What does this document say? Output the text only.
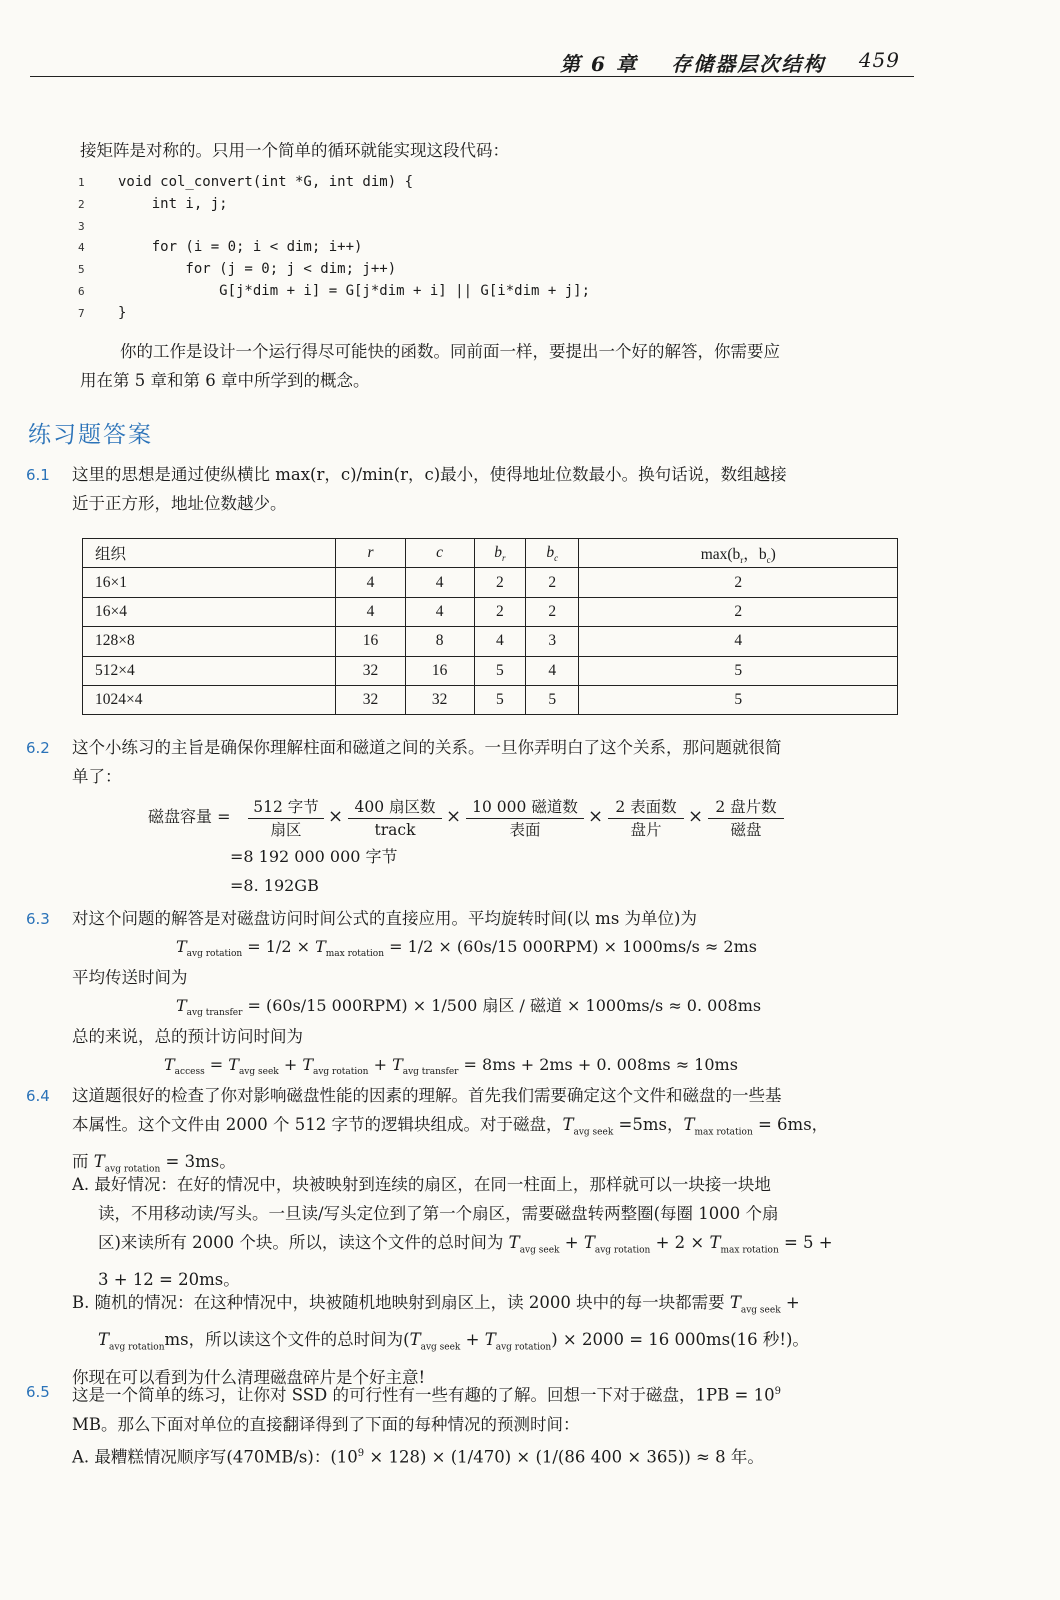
第 6 章 存储器层次结构 459
接矩阵是对称的。只用一个简单的循环就能实现这段代码：
1	void col_convert(int *G, int dim) {
2	int i, j;
3
4	for (i = 0; i < dim; i++)
5	for (j = 0; j < dim; j++)
6	G[j*dim + i] = G[j*dim + i] || G[i*dim + j];
7	}
你的工作是设计一个运行得尽可能快的函数。同前面一样，要提出一个好的解答，你需要应
用在第 5 章和第 6 章中所学到的概念。
练习题答案
6.1 这里的思想是通过使纵横比 max(r，c)/min(r，c)最小，使得地址位数最小。换句话说，数组越接
近于正方形，地址位数越少。
组织	r	c	$b_r$	$b_c$	$\max(b_r$，$b_c$)
16×1	4	4	2	2	2
16×4	4	4	2	2	2
128×8	16	8	4	3	4
512×4	32	16	5	4	5
1024×4	32	32	5	5	5
6.2 这个小练习的主旨是确保你理解柱面和磁道之间的关系。一旦你弄明白了这个关系，那问题就很简
单了：
磁盘容量 =	512 字节
扇区
× 400 扇区数
track
× 10 000 磁道数
表面
× 2 表面数
盘片
× 2 盘片数
磁盘
=8 192 000 000 字节
=8. 192GB
6.3 对这个问题的解答是对磁盘访问时间公式的直接应用。平均旋转时间(以 ms 为单位)为
$T_{avg rotation} = 1/2 \times T_{max rotation} = 1/2 \times (60s/15$ 000RPM) × 1000ms/s ≈ 2ms
平均传送时间为
$T_{avg transfer} = (60s/15$ 000RPM) × 1/500 扇区 / 磁道 × 1000ms/s ≈ 0. 008ms
总的来说，总的预计访问时间为
$T_{access} = T_{avg seek} + T_{avg rotation} + T_{avg transfer} = 8ms + 2ms + 0$. 008ms ≈ 10ms
6.4 这道题很好的检查了你对影响磁盘性能的因素的理解。首先我们需要确定这个文件和磁盘的一些基
本属性。这个文件由 2000 个 512 字节的逻辑块组成。对于磁盘，$T_{avg seek} =5ms$，$T_{max rotation} = 6ms$，
而 $T_{avg rotation} = 3ms$。
A. 最好情况：在好的情况中，块被映射到连续的扇区，在同一柱面上，那样就可以一块接一块地
读，不用移动读/写头。一旦读/写头定位到了第一个扇区，需要磁盘转两整圈(每圈 1000 个扇
区)来读所有 2000 个块。所以，读这个文件的总时间为 $T_{avg seek} + T_{avg rotation} + 2 \times T_{max rotation} = 5$ +
3 + 12 = 20ms。
B. 随机的情况：在这种情况中，块被随机地映射到扇区上，读 2000 块中的每一块都需要 $T_{avg seek}$ +
$T_{avg rotation}ms$，所以读这个文件的总时间为$(T_{avg seek} + T_{avg rotation}) \times 2000 = 16$ 000ms(16 秒!)。
你现在可以看到为什么清理磁盘碎片是个好主意!
6.5 这是一个简单的练习，让你对 SSD 的可行性有一些有趣的了解。回想一下对于磁盘，$1PB = 10^9$
MB。那么下面对单位的直接翻译得到了下面的每种情况的预测时间：
A. 最糟糕情况顺序写(470MB/s)：$(10^9 \times 128) \times (1/470) \times (1/(86$ 400 × 365)) ≈ 8 年。
